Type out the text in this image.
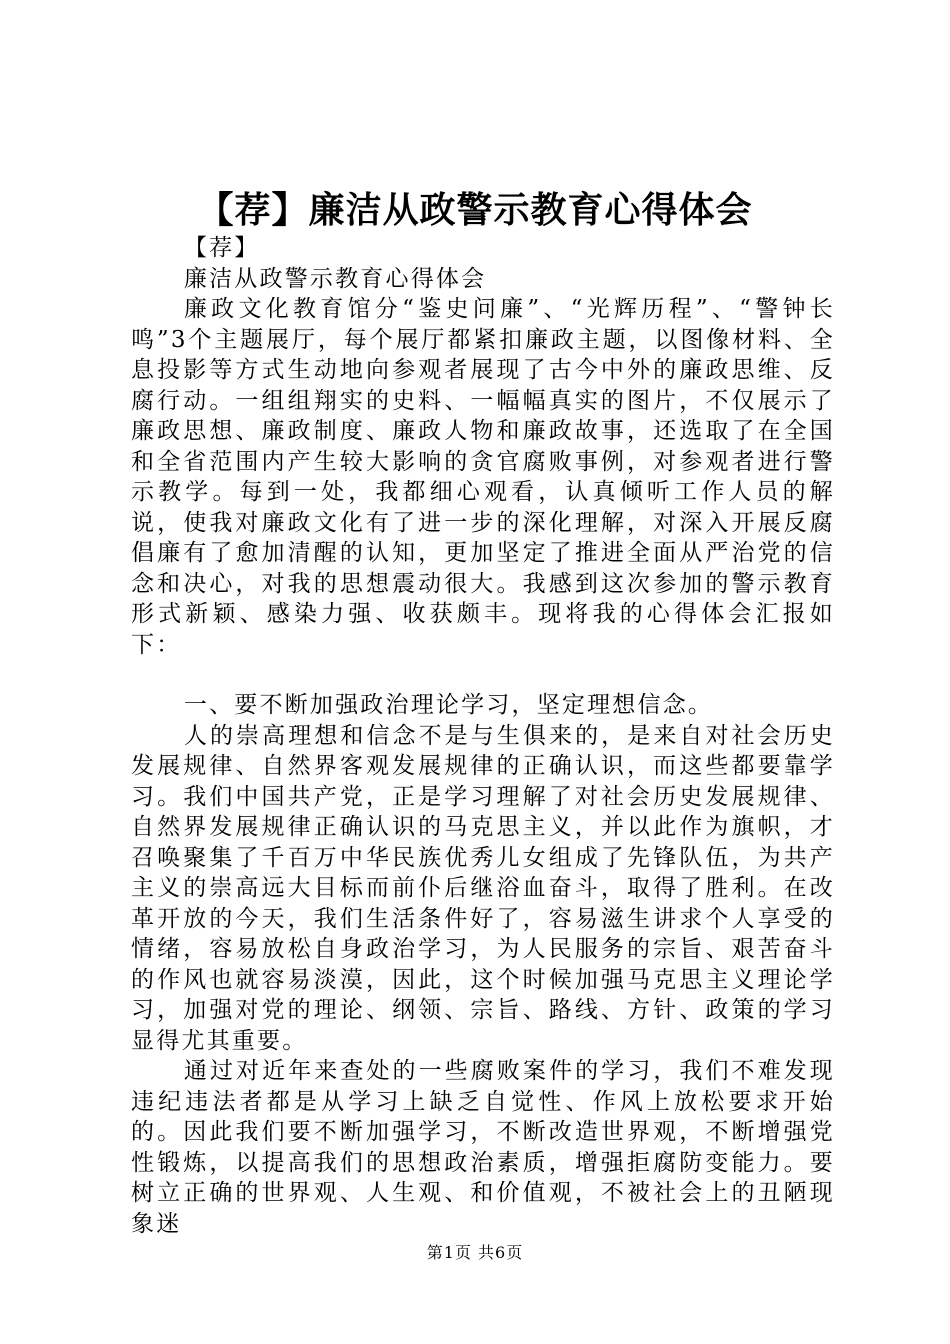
【荐】廉洁从政警示教育心得体会

【荐】

廉洁从政警示教育心得体会

廉政文化教育馆分“鉴史问廉”、“光辉历程”、“警钟长鸣”3个主题展厅，每个展厅都紧扣廉政主题，以图像材料、全息投影等方式生动地向参观者展现了古今中外的廉政思维、反腐行动。一组组翔实的史料、一幅幅真实的图片，不仅展示了廉政思想、廉政制度、廉政人物和廉政故事，还选取了在全国和全省范围内产生较大影响的贪官腐败事例，对参观者进行警示教学。每到一处，我都细心观看，认真倾听工作人员的解说，使我对廉政文化有了进一步的深化理解，对深入开展反腐倡廉有了愈加清醒的认知，更加坚定了推进全面从严治党的信念和决心，对我的思想震动很大。我感到这次参加的警示教育形式新颖、感染力强、收获颇丰。现将我的心得体会汇报如下：

一、要不断加强政治理论学习，坚定理想信念。

人的崇高理想和信念不是与生俱来的，是来自对社会历史发展规律、自然界客观发展规律的正确认识，而这些都要靠学习。我们中国共产党，正是学习理解了对社会历史发展规律、自然界发展规律正确认识的马克思主义，并以此作为旗帜，才召唤聚集了千百万中华民族优秀儿女组成了先锋队伍，为共产主义的崇高远大目标而前仆后继浴血奋斗，取得了胜利。在改革开放的今天，我们生活条件好了，容易滋生讲求个人享受的情绪，容易放松自身政治学习，为人民服务的宗旨、艰苦奋斗的作风也就容易淡漠，因此，这个时候加强马克思主义理论学习，加强对党的理论、纲领、宗旨、路线、方针、政策的学习显得尤其重要。

通过对近年来查处的一些腐败案件的学习，我们不难发现违纪违法者都是从学习上缺乏自觉性、作风上放松要求开始的。因此我们要不断加强学习，不断改造世界观，不断增强党性锻炼，以提高我们的思想政治素质，增强拒腐防变能力。要树立正确的世界观、人生观、和价值观，不被社会上的丑陋现象迷

第1页 共6页
